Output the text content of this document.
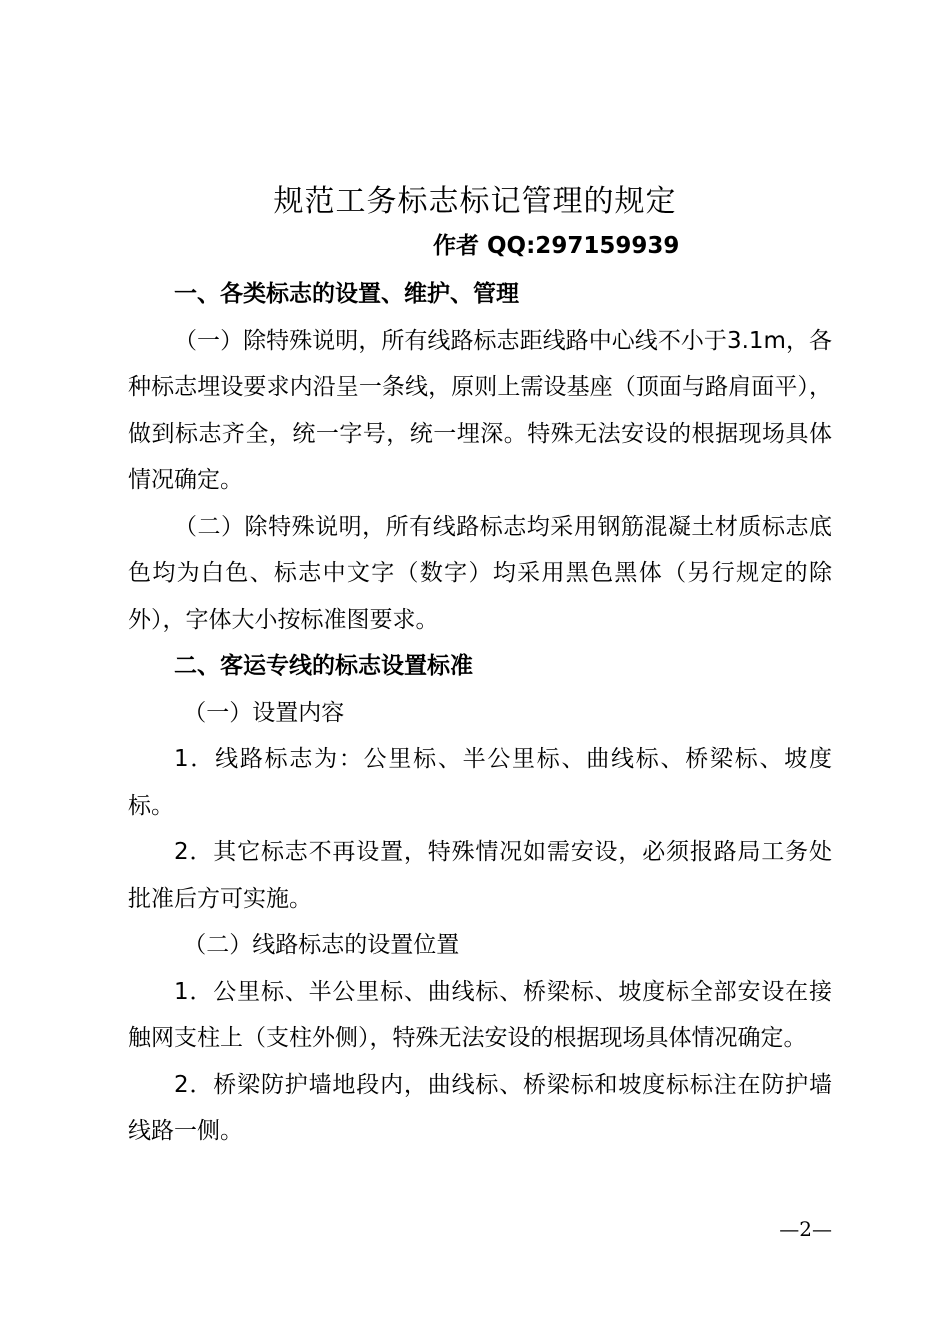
规范工务标志标记管理的规定
作者 QQ:297159939

一、各类标志的设置、维护、管理

（一）除特殊说明，所有线路标志距线路中心线不小于3.1m，各种标志埋设要求内沿呈一条线，原则上需设基座（顶面与路肩面平），做到标志齐全，统一字号，统一埋深。特殊无法安设的根据现场具体情况确定。

（二）除特殊说明，所有线路标志均采用钢筋混凝土材质标志底色均为白色、标志中文字（数字）均采用黑色黑体（另行规定的除外），字体大小按标准图要求。

二、客运专线的标志设置标准

（一）设置内容

1．线路标志为：公里标、半公里标、曲线标、桥梁标、坡度标。

2．其它标志不再设置，特殊情况如需安设，必须报路局工务处批准后方可实施。

（二）线路标志的设置位置

1．公里标、半公里标、曲线标、桥梁标、坡度标全部安设在接触网支柱上（支柱外侧），特殊无法安设的根据现场具体情况确定。

2．桥梁防护墙地段内，曲线标、桥梁标和坡度标标注在防护墙线路一侧。

—2—
